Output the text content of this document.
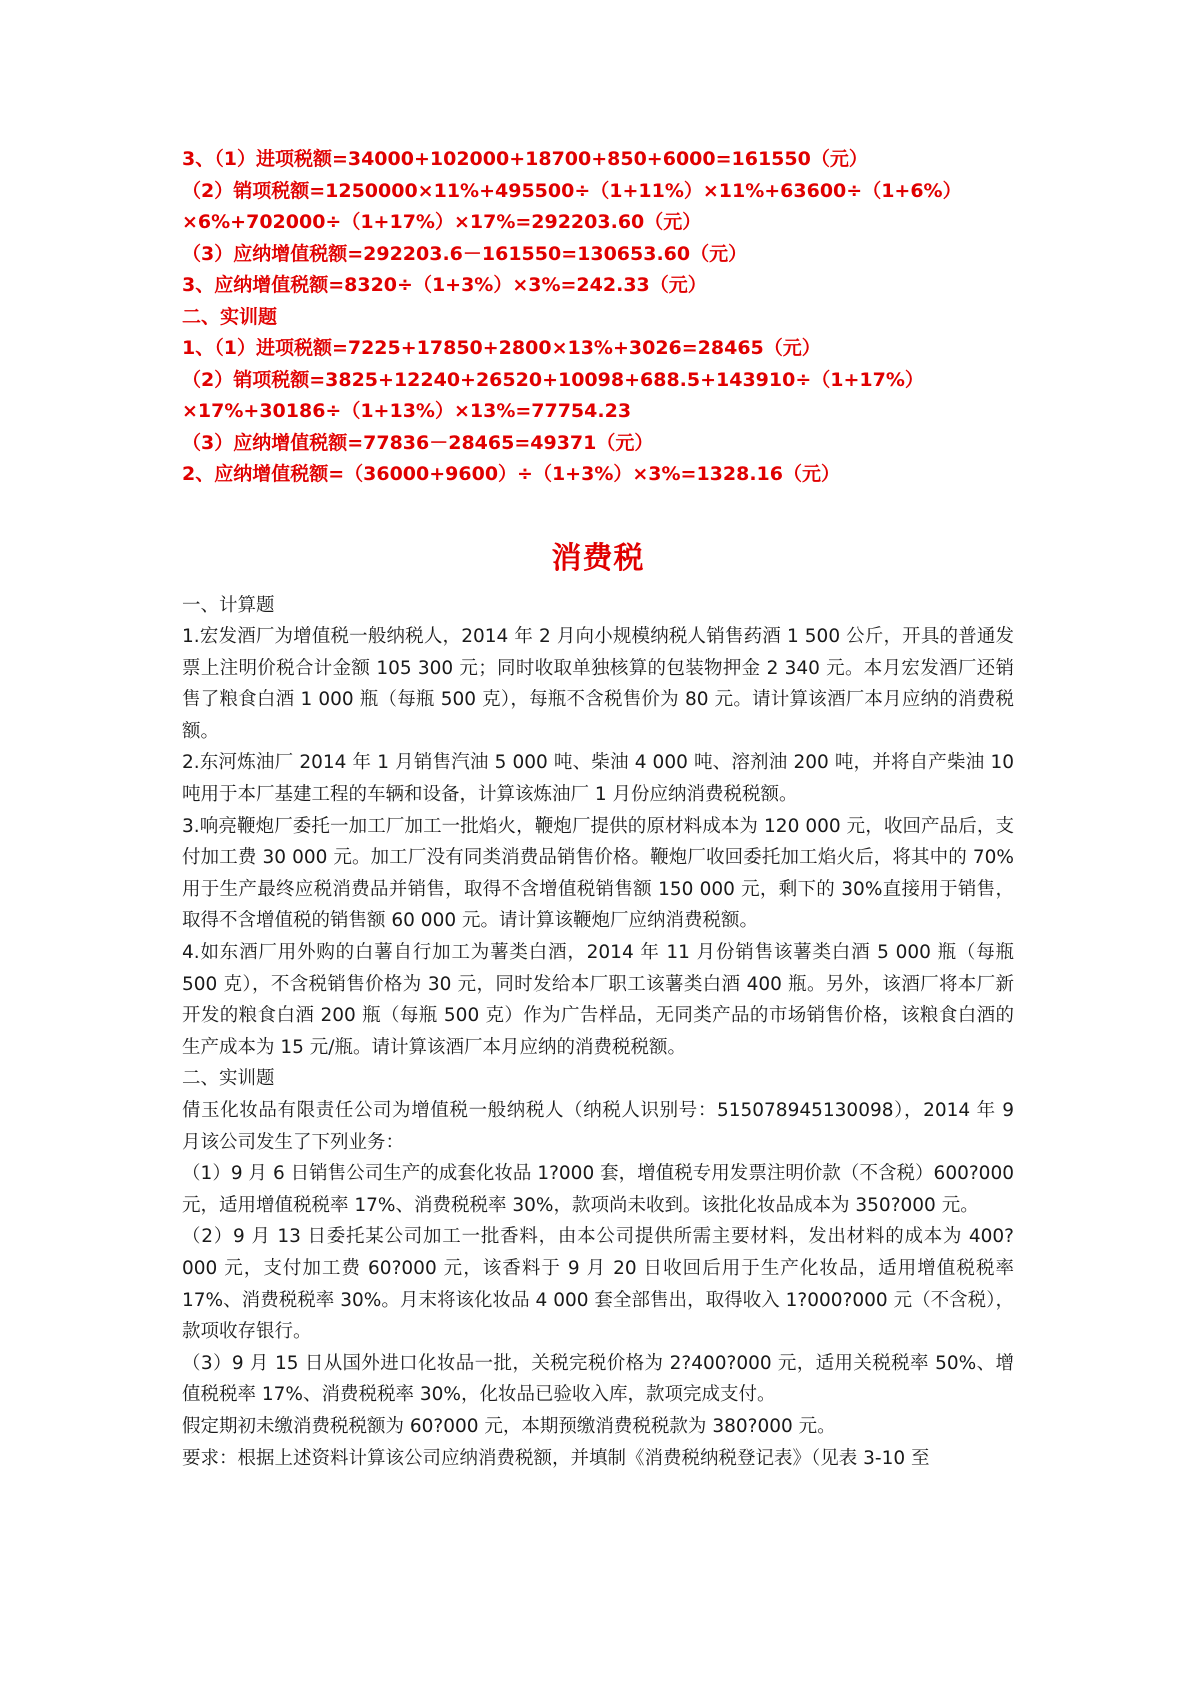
3、（1）进项税额=34000+102000+18700+850+6000=161550（元）
（2）销项税额=1250000×11%+495500÷（1+11%）×11%+63600÷（1+6%）×6%+702000÷（1+17%）×17%=292203.60（元）
（3）应纳增值税额=292203.6－161550=130653.60（元）
3、应纳增值税额=8320÷（1+3%）×3%=242.33（元）
二、实训题
1、（1）进项税额=7225+17850+2800×13%+3026=28465（元）
（2）销项税额=3825+12240+26520+10098+688.5+143910÷（1+17%）×17%+30186÷（1+13%）×13%=77754.23
（3）应纳增值税额=77836－28465=49371（元）
2、应纳增值税额=（36000+9600）÷（1+3%）×3%=1328.16（元）
消费税

一、计算题

1.宏发酒厂为增值税一般纳税人，2014 年 2 月向小规模纳税人销售药酒 1 500 公斤，开具的普通发票上注明价税合计金额 105 300 元；同时收取单独核算的包装物押金 2 340 元。本月宏发酒厂还销售了粮食白酒 1 000 瓶（每瓶 500 克），每瓶不含税售价为 80 元。请计算该酒厂本月应纳的消费税额。

2.东河炼油厂 2014 年 1 月销售汽油 5 000 吨、柴油 4 000 吨、溶剂油 200 吨，并将自产柴油 10 吨用于本厂基建工程的车辆和设备，计算该炼油厂 1 月份应纳消费税税额。

3.响亮鞭炮厂委托一加工厂加工一批焰火，鞭炮厂提供的原材料成本为 120 000 元，收回产品后，支付加工费 30 000 元。加工厂没有同类消费品销售价格。鞭炮厂收回委托加工焰火后，将其中的 70%用于生产最终应税消费品并销售，取得不含增值税销售额 150 000 元，剩下的 30%直接用于销售，取得不含增值税的销售额 60 000 元。请计算该鞭炮厂应纳消费税额。

4.如东酒厂用外购的白薯自行加工为薯类白酒，2014 年 11 月份销售该薯类白酒 5 000 瓶（每瓶 500 克），不含税销售价格为 30 元，同时发给本厂职工该薯类白酒 400 瓶。另外，该酒厂将本厂新开发的粮食白酒 200 瓶（每瓶 500 克）作为广告样品，无同类产品的市场销售价格，该粮食白酒的生产成本为 15 元/瓶。请计算该酒厂本月应纳的消费税税额。

二、实训题

倩玉化妆品有限责任公司为增值税一般纳税人（纳税人识别号：515078945130098），2014 年 9 月该公司发生了下列业务：

（1）9 月 6 日销售公司生产的成套化妆品 1?000 套，增值税专用发票注明价款（不含税）600?000 元，适用增值税税率 17%、消费税税率 30%，款项尚未收到。该批化妆品成本为 350?000 元。

（2）9 月 13 日委托某公司加工一批香料，由本公司提供所需主要材料，发出材料的成本为 400?000 元，支付加工费 60?000 元，该香料于 9 月 20 日收回后用于生产化妆品，适用增值税税率 17%、消费税税率 30%。月末将该化妆品 4 000 套全部售出，取得收入 1?000?000 元（不含税），款项收存银行。

（3）9 月 15 日从国外进口化妆品一批，关税完税价格为 2?400?000 元，适用关税税率 50%、增值税税率 17%、消费税税率 30%，化妆品已验收入库，款项完成支付。

假定期初未缴消费税税额为 60?000 元，本期预缴消费税税款为 380?000 元。

要求：根据上述资料计算该公司应纳消费税额，并填制《消费税纳税登记表》（见表 3-10 至
